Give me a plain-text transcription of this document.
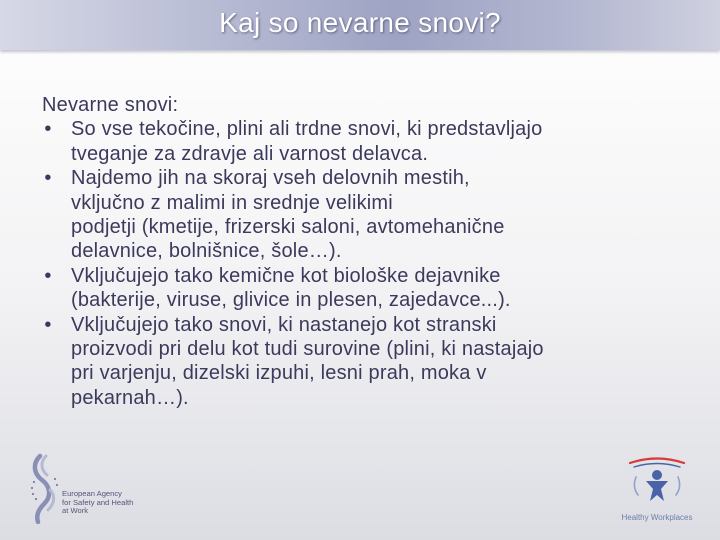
Kaj so nevarne snovi?

Nevarne snovi:

• So vse tekočine, plini ali trdne snovi, ki predstavljajo
tveganje za zdravje ali varnost delavca.
• Najdemo jih na skoraj vseh delovnih mestih,
vključno z malimi in srednje velikimi
podjetji (kmetije, frizerski saloni, avtomehanične
delavnice, bolnišnice, šole…).
• Vključujejo tako kemične kot biološke dejavnike
(bakterije, viruse, glivice in plesen, zajedavce...).
• Vključujejo tako snovi, ki nastanejo kot stranski
proizvodi pri delu kot tudi surovine (plini, ki nastajajo
pri varjenju, dizelski izpuhi, lesni prah, moka v
pekarnah…).
European Agency
for Safety and Health
at Work
Healthy Workplaces
